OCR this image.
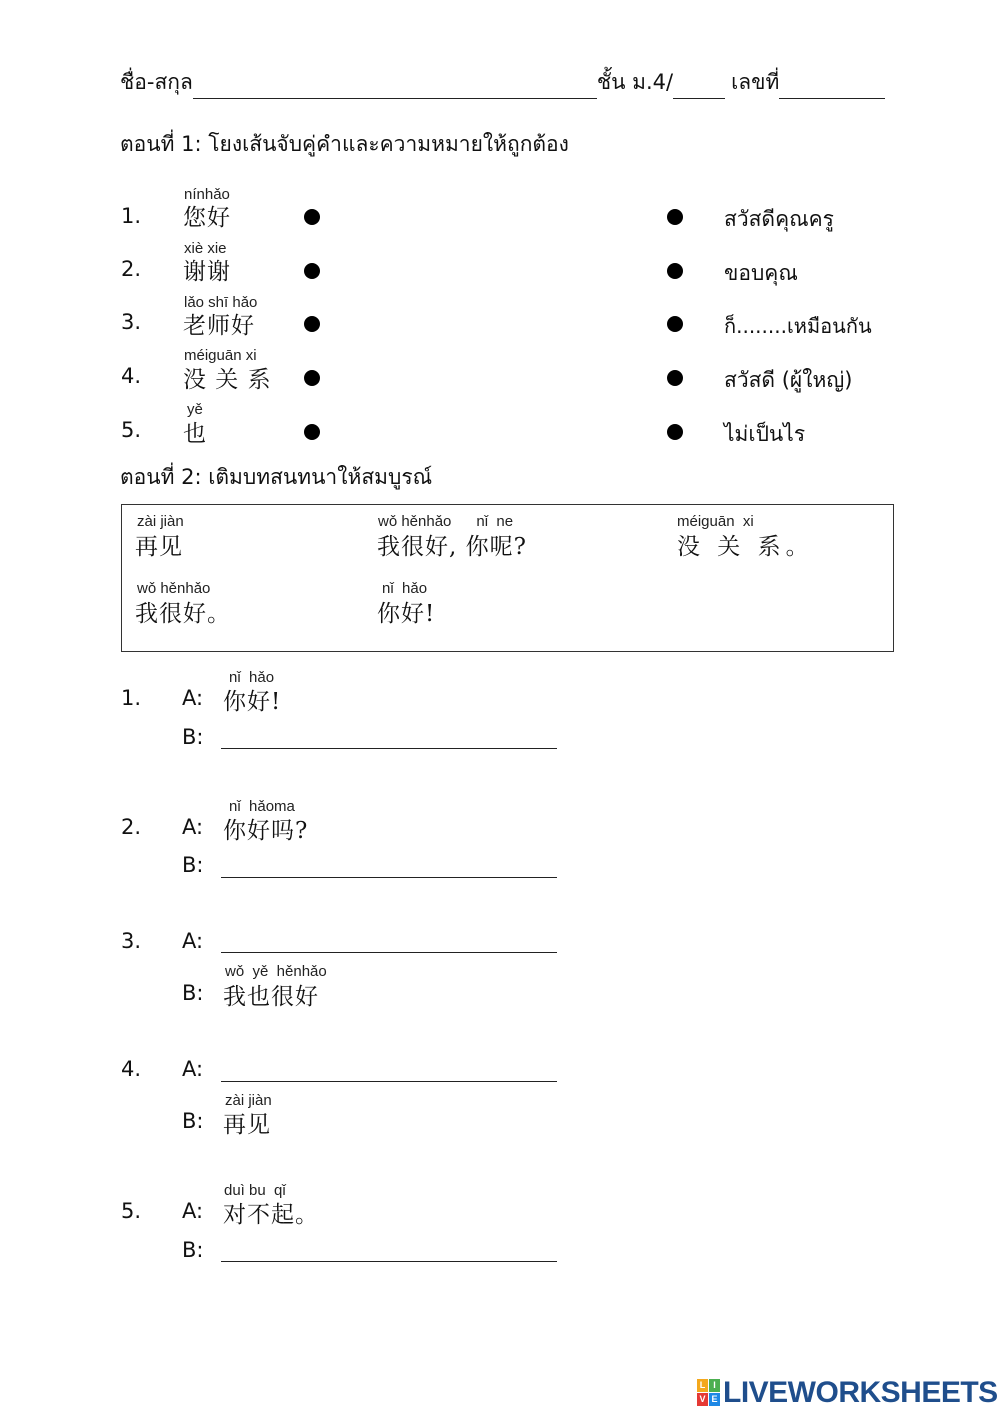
ชื่อ-สกุล	ชั้น ม.4/	เลขที่
ตอนที่ 1: โยงเส้นจับคู่คำและความหมายให้ถูกต้อง
1.
nínhǎo
您好
2.
xiè xie
谢谢
3.
lǎo shī hǎo
老师好
4.
méiguān xi
没 关 系
5.
yě
也
สวัสดีคุณครู
ขอบคุณ
ก็........เหมือนกัน
สวัสดี (ผู้ใหญ่)
ไม่เป็นไร
ตอนที่ 2: เติมบทสนทนาให้สมบูรณ์
zài jiàn
再见
wǒ hěnhǎo      nǐ  ne
我很好, 你呢?
méiguān  xi
没 关 系。
wǒ hěnhǎo
我很好。
nǐ  hǎo
你好!
1. A:
nǐ  hǎo
你好!
B:
2. A:
nǐ  hǎoma
你好吗?
B:
3. A:
wǒ  yě  hěnhǎo
B: 我也很好
4. A:
zài jiàn
B: 再见
5. A:
duì bu  qǐ
对不起。
B:
L I
V E LIVEWORKSHEETS
